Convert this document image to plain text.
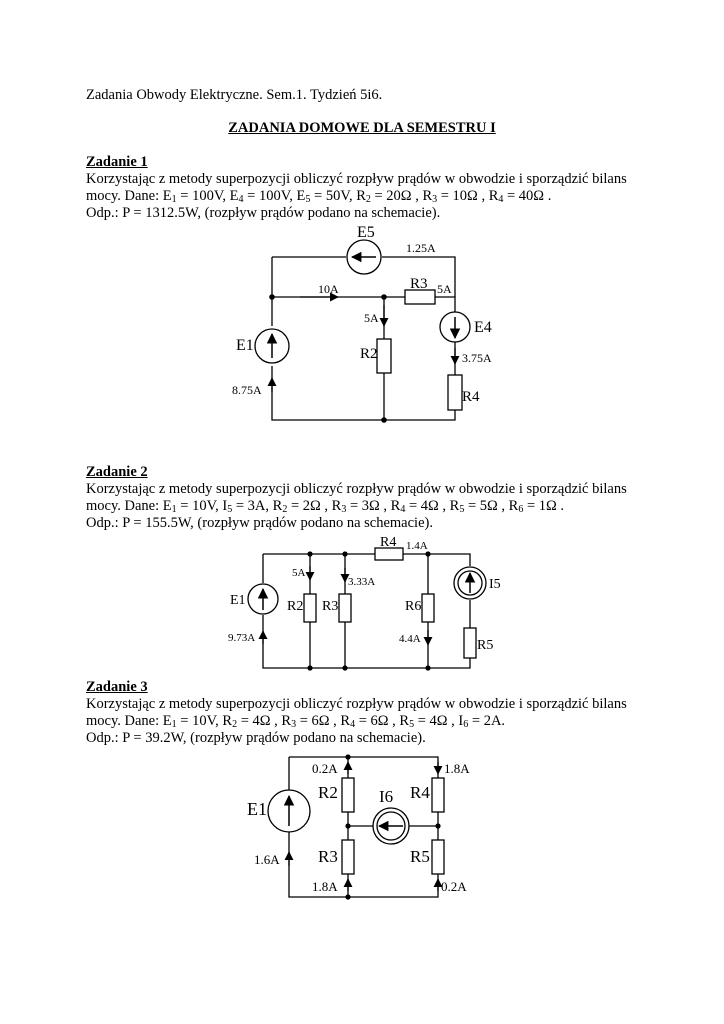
Zadania Obwody Elektryczne. Sem.1. Tydzień 5i6.
ZADANIA DOMOWE DLA SEMESTRU I
Zadanie 1
Korzystając z metody superpozycji obliczyć rozpływ prądów w obwodzie i sporządzić bilans
mocy. Dane: $E_1 = 100V$, $E_4 = 100V$, $E_5 = 50V$, $R_2 = 20\Omega$ , $R_3 = 10\Omega$ , $R_4 = 40\Omega$ .
Odp.: P = 1312.5W, (rozpływ prądów podano na schemacie).
Zadanie 2
Korzystając z metody superpozycji obliczyć rozpływ prądów w obwodzie i sporządzić bilans
mocy. Dane: $E_1 = 10V$, $I_5 = 3A$, $R_2 = 2\Omega$ , $R_3 = 3\Omega$ , $R_4 = 4\Omega$ , $R_5 = 5\Omega$ , $R_6 = 1\Omega$ .
Odp.: P = 155.5W, (rozpływ prądów podano na schemacie).
Zadanie 3
Korzystając z metody superpozycji obliczyć rozpływ prądów w obwodzie i sporządzić bilans
mocy. Dane: $E_1 = 10V$, $R_2 = 4\Omega$ , $R_3 = 6\Omega$ , $R_4 = 6\Omega$ , $R_5 = 4\Omega$ , $I_6 = 2A$.
Odp.: P = 39.2W, (rozpływ prądów podano na schemacie).
E5
1.25A
10A	R3 5A
5A
R2
E4
3.75A
R4
E1
8.75A
R4 1.4A
5A
R2
3.33A
R3	R6
4.4A
I5
R5
E1
9.73A
0.2A
R2
1.8A
R4
I6
R3
1.8A
R5
0.2A
E1
1.6A
